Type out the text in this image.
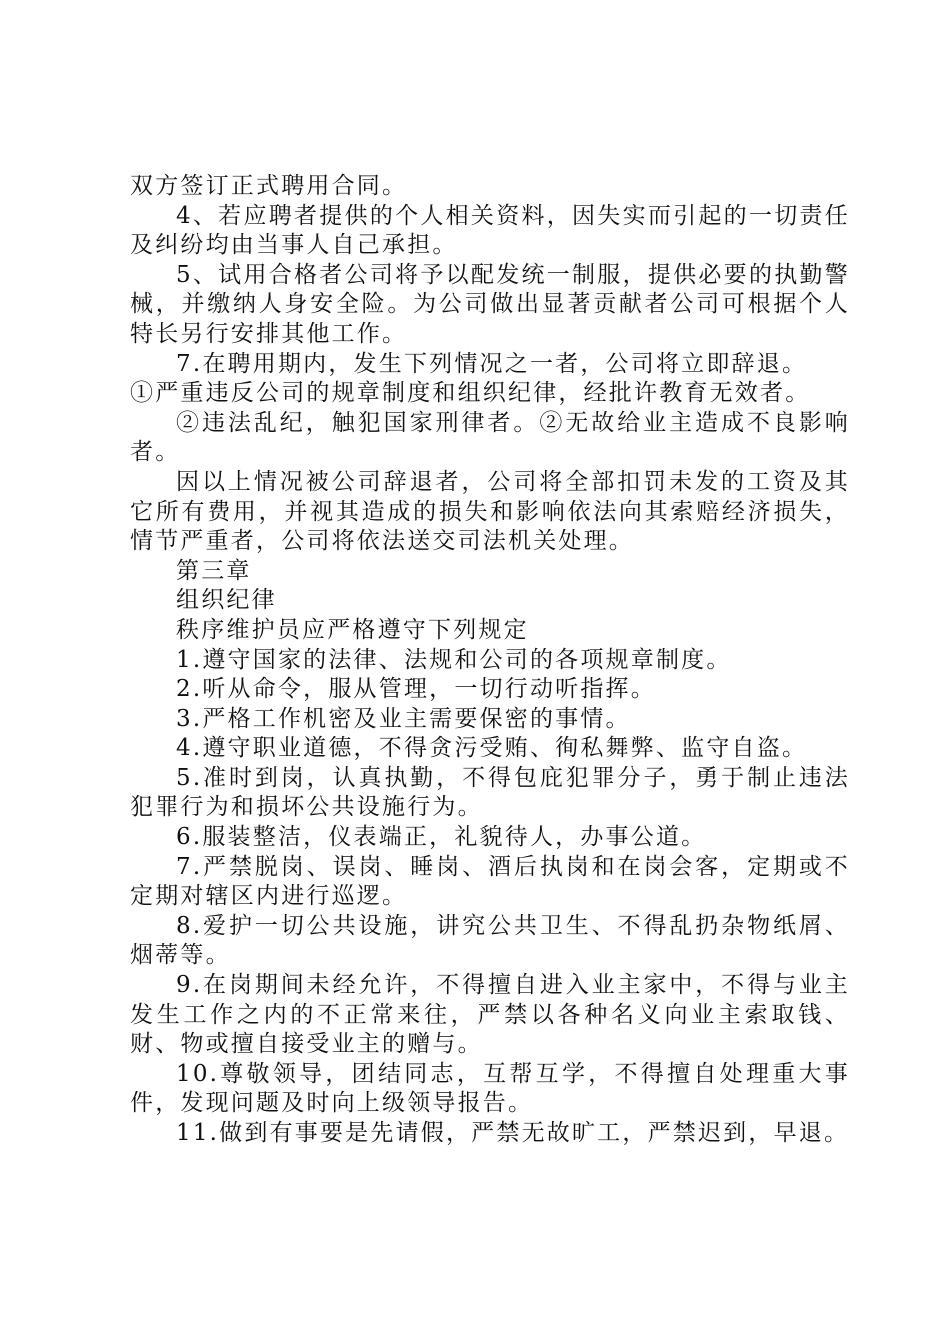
双方签订正式聘用合同。

4、若应聘者提供的个人相关资料，因失实而引起的一切责任及纠纷均由当事人自己承担。

5、试用合格者公司将予以配发统一制服，提供必要的执勤警械，并缴纳人身安全险。为公司做出显著贡献者公司可根据个人特长另行安排其他工作。

7.在聘用期内，发生下列情况之一者，公司将立即辞退。

①严重违反公司的规章制度和组织纪律，经批许教育无效者。

②违法乱纪，触犯国家刑律者。②无故给业主造成不良影响者。

因以上情况被公司辞退者，公司将全部扣罚未发的工资及其它所有费用，并视其造成的损失和影响依法向其索赔经济损失，情节严重者，公司将依法送交司法机关处理。

第三章

组织纪律

秩序维护员应严格遵守下列规定

1.遵守国家的法律、法规和公司的各项规章制度。

2.听从命令，服从管理，一切行动听指挥。

3.严格工作机密及业主需要保密的事情。

4.遵守职业道德，不得贪污受贿、徇私舞弊、监守自盗。

5.准时到岗，认真执勤，不得包庇犯罪分子，勇于制止违法犯罪行为和损坏公共设施行为。

6.服装整洁，仪表端正，礼貌待人，办事公道。

7.严禁脱岗、误岗、睡岗、酒后执岗和在岗会客，定期或不定期对辖区内进行巡逻。

8.爱护一切公共设施，讲究公共卫生、不得乱扔杂物纸屑、烟蒂等。

9.在岗期间未经允许，不得擅自进入业主家中，不得与业主发生工作之内的不正常来往，严禁以各种名义向业主索取钱、财、物或擅自接受业主的赠与。

10.尊敬领导，团结同志，互帮互学，不得擅自处理重大事件，发现问题及时向上级领导报告。

11.做到有事要是先请假，严禁无故旷工，严禁迟到，早退。
